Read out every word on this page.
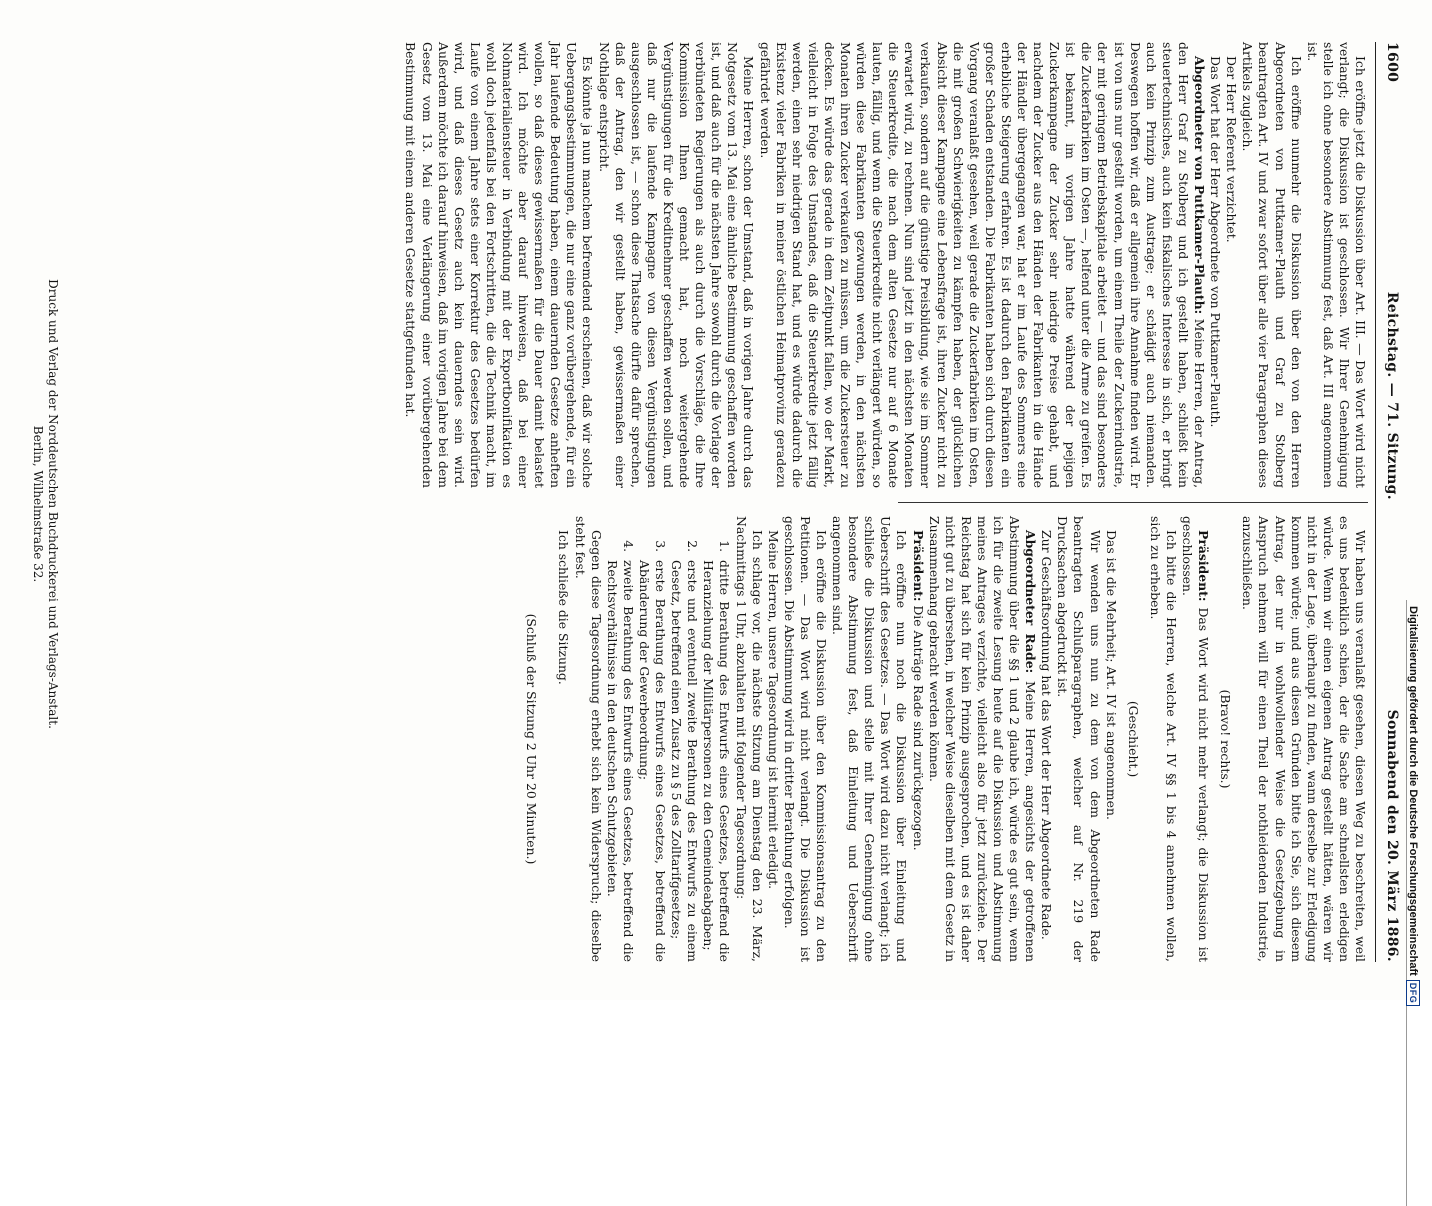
1600
Reichstag. — 71. Sitzung.
Sonnabend den 20. März 1886.

Ich eröffne jetzt die Diskussion über Art. III. — Das Wort wird nicht verlangt; die Diskussion ist geschlossen. Wir Ihrer Genehmigung stelle ich ohne besondere Abstimmung fest, daß Art. III angenommen ist.

Ich eröffne nunmehr die Diskussion über den von den Herren Abgeordneten von Puttkamer-Plauth und Graf zu Stolberg beantragten Art. IV und zwar sofort über alle vier Paragraphen dieses Artikels zugleich.

Der Herr Referent verzichtet.

Das Wort hat der Herr Abgeordnete von Puttkamer-Plauth.

Abgeordneter von Puttkamer-Plauth: Meine Herren, der Antrag, den Herr Graf zu Stolberg und ich gestellt haben, schließt kein steuertechnisches, auch kein fiskalisches Interesse in sich, er bringt auch kein Prinzip zum Austrage; er schädigt auch niemanden. Deswegen hoffen wir, daß er allgemein ihre Annahme finden wird. Er ist von uns nur gestellt worden, um einem Theile der Zuckerindustrie, der mit geringem Betriebskapitale arbeitet — und das sind besonders die Zuckerfabriken im Osten —, helfend unter die Arme zu greifen. Es ist bekannt, im vorigen Jahre hatte während der pejigen Zuckerkampagne der Zucker sehr niedrige Preise gehabt, und nachdem der Zucker aus den Händen der Fabrikanten in die Hände der Händler übergegangen war, hat er im Laufe des Sommers eine erhebliche Steigerung erfahren. Es ist dadurch den Fabrikanten ein großer Schaden entstanden. Die Fabrikanten haben sich durch diesen Vorgang veranlaßt gesehen, weil gerade die Zuckerfabriken im Osten, die mit großen Schwierigkeiten zu kämpfen haben, der glücklichen Absicht dieser Kampagne eine Lebensfrage ist, ihren Zucker nicht zu verkaufen, sondern auf die günstige Preisbildung, wie sie im Sommer erwartet wird, zu rechnen. Nun sind jetzt in den nächsten Monaten die Steuerkredite, die nach dem alten Gesetze nur auf 6 Monate lauten, fällig, und wenn die Steuerkredite nicht verlängert würden, so würden diese Fabrikanten gezwungen werden, in den nächsten Monaten ihren Zucker verkaufen zu müssen, um die Zuckersteuer zu decken. Es würde das gerade in dem Zeitpunkt fallen, wo der Markt, vielleicht in Folge des Umstandes, daß die Steuerkredite jetzt fällig werden, einen sehr niedrigen Stand hat, und es würde dadurch die Existenz vieler Fabriken in meiner östlichen Heimatprovinz geradezu gefährdet werden.

Meine Herren, schon der Umstand, daß in vorigen Jahre durch das Notgesetz vom 13. Mai eine ähnliche Bestimmung geschaffen worden ist, und daß auch für die nächsten Jahre sowohl durch die Vorlage der verbündeten Regierungen als auch durch die Vorschläge, die Ihre Kommission Ihnen gemacht hat, noch weitergehende Vergünstigungen für die Kreditnehmer geschaffen werden sollen, und daß nur die laufende Kampagne von diesen Vergünstigungen ausgeschlossen ist, — schon diese Thatsache dürfte dafür sprechen, daß der Antrag, den wir gestellt haben, gewissermaßen einer Nothlage entspricht.

Es könnte ja nun manchem befremdend erscheinen, daß wir solche Uebergangsbestimmungen, die nur eine ganz vorübergehende, für ein Jahr laufende Bedeutung haben, einem dauernden Gesetze anheften wollen, so daß dieses gewissermaßen für die Dauer damit belastet wird. Ich möchte aber darauf hinweisen, daß bei einer Nohmaterialiensteuer in Verbindung mit der Exportbonifikation es wohl doch jedenfalls bei den Fortschritten, die die Technik macht, im Laufe von einem Jahre stets einer Korrektur des Gesetzes bedürfen wird, und daß dieses Gesetz auch kein dauerndes sein wird. Außerdem möchte ich darauf hinweisen, daß im vorigen Jahre bei dem Gesetz vom 13. Mai eine Verlängerung einer vorübergehenden Bestimmung mit einem anderen Gesetze stattgefunden hat.

Wir haben uns veranlaßt gesehen, diesen Weg zu beschreiten, weil es uns bedenklich schien, der die Sache am schnellsten erledigen würde. Wenn wir einen eigenen Antrag gestellt hätten, wären wir nicht in der Lage, überhaupt zu finden, wann derselbe zur Erledigung kommen würde; und aus diesen Gründen bitte ich Sie, sich diesem Antrag, der nur in wohlwollender Weise die Gesetzgebung in Anspruch nehmen will für einen Theil der nothleidenden Industrie, anzuschließen.

(Bravo! rechts.)

Präsident: Das Wort wird nicht mehr verlangt; die Diskussion ist geschlossen.

Ich bitte die Herren, welche Art. IV §§ 1 bis 4 annehmen wollen, sich zu erheben.

(Geschieht.)

Das ist die Mehrheit; Art. IV ist angenommen.

Wir wenden uns nun zu dem von dem Abgeordneten Rade beantragten Schlußparagraphen, welcher auf Nr. 219 der Drucksachen abgedruckt ist.

Zur Geschäftsordnung hat das Wort der Herr Abgeordnete Rade.

Abgeordneter Rade: Meine Herren, angesichts der getroffenen Abstimmung über die §§ 1 und 2 glaube ich, würde es gut sein, wenn ich für die zweite Lesung heute auf die Diskussion und Abstimmung meines Antrages verzichte, vielleicht also für jetzt zurückziehe. Der Reichstag hat sich für kein Prinzip ausgesprochen, und es ist daher nicht gut zu übersehen, in welcher Weise dieselben mit dem Gesetz in Zusammenhang gebracht werden können.

Präsident: Die Anträge Rade sind zurückgezogen.

Ich eröffne nun noch die Diskussion über Einleitung und Ueberschrift des Gesetzes. — Das Wort wird dazu nicht verlangt; ich schließe die Diskussion und stelle mit Ihrer Genehmigung ohne besondere Abstimmung fest, daß Einleitung und Ueberschrift angenommen sind.

Ich eröffne die Diskussion über den Kommissionsantrag zu den Petitionen. — Das Wort wird nicht verlangt. Die Diskussion ist geschlossen. Die Abstimmung wird in dritter Berathung erfolgen.

Meine Herren, unsere Tagesordnung ist hiermit erledigt.

Ich schlage vor, die nächste Sitzung am Dienstag den 23. März, Nachmittags 1 Uhr, abzuhalten mit folgender Tagesordnung:

1. dritte Berathung des Entwurfs eines Gesetzes, betreffend die Heranziehung der Militärpersonen zu den Gemeindeabgaben;
2. erste und eventuell zweite Berathung des Entwurfs zu einem Gesetz, betreffend einen Zusatz zu § 5 des Zolltarifgesetzes;
3. erste Berathung des Entwurfs eines Gesetzes, betreffend die Abänderung der Gewerbeordnung;
4. zweite Berathung des Entwurfs eines Gesetzes, betreffend die Rechtsverhältnisse in den deutschen Schutzgebieten.

Gegen diese Tagesordnung erhebt sich kein Widerspruch; dieselbe steht fest.

Ich schließe die Sitzung.

(Schluß der Sitzung 2 Uhr 20 Minuten.)

Druck und Verlag der Norddeutschen Buchdruckerei und Verlags-Anstalt.
Berlin, Wilhelmstraße 32.
Digitalisierung gefördert durch die Deutsche Forschungsgemeinschaft
DFG
